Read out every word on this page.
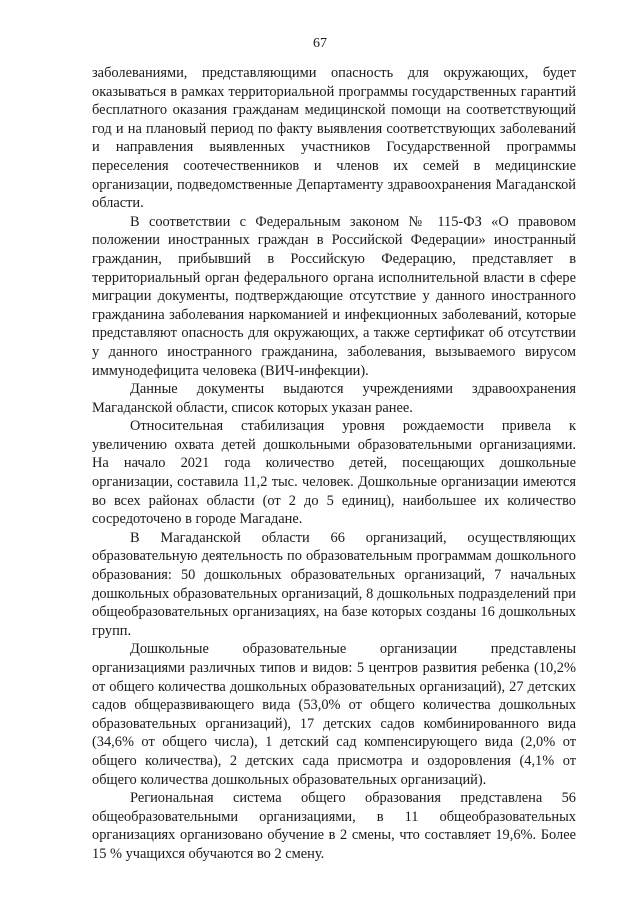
67

заболеваниями, представляющими опасность для окружающих, будет оказываться в рамках территориальной программы государственных гарантий бесплатного оказания гражданам медицинской помощи на соответствующий год и на плановый период по факту выявления соответствующих заболеваний и направления выявленных участников Государственной программы переселения соотечественников и членов их семей в медицинские организации, подведомственные Департаменту здравоохранения Магаданской области.

В соответствии с Федеральным законом № 115-ФЗ «О правовом положении иностранных граждан в Российской Федерации» иностранный гражданин, прибывший в Российскую Федерацию, представляет в территориальный орган федерального органа исполнительной власти в сфере миграции документы, подтверждающие отсутствие у данного иностранного гражданина заболевания наркоманией и инфекционных заболеваний, которые представляют опасность для окружающих, а также сертификат об отсутствии у данного иностранного гражданина, заболевания, вызываемого вирусом иммунодефицита человека (ВИЧ-инфекции).

Данные документы выдаются учреждениями здравоохранения Магаданской области, список которых указан ранее.

Относительная стабилизация уровня рождаемости привела к увеличению охвата детей дошкольными образовательными организациями. На начало 2021 года количество детей, посещающих дошкольные организации, составила 11,2 тыс. человек. Дошкольные организации имеются во всех районах области (от 2 до 5 единиц), наибольшее их количество сосредоточено в городе Магадане.

В Магаданской области 66 организаций, осуществляющих образовательную деятельность по образовательным программам дошкольного образования: 50 дошкольных образовательных организаций, 7 начальных дошкольных образовательных организаций, 8 дошкольных подразделений при общеобразовательных организациях, на базе которых созданы 16 дошкольных групп.

Дошкольные образовательные организации представлены организациями различных типов и видов: 5 центров развития ребенка (10,2% от общего количества дошкольных образовательных организаций), 27 детских садов общеразвивающего вида (53,0% от общего количества дошкольных образовательных организаций), 17 детских садов комбинированного вида (34,6% от общего числа), 1 детский сад компенсирующего вида (2,0% от общего количества), 2 детских сада присмотра и оздоровления (4,1% от общего количества дошкольных образовательных организаций).

Региональная система общего образования представлена 56 общеобразовательными организациями, в 11 общеобразовательных организациях организовано обучение в 2 смены, что составляет 19,6%. Более 15 % учащихся обучаются во 2 смену.
